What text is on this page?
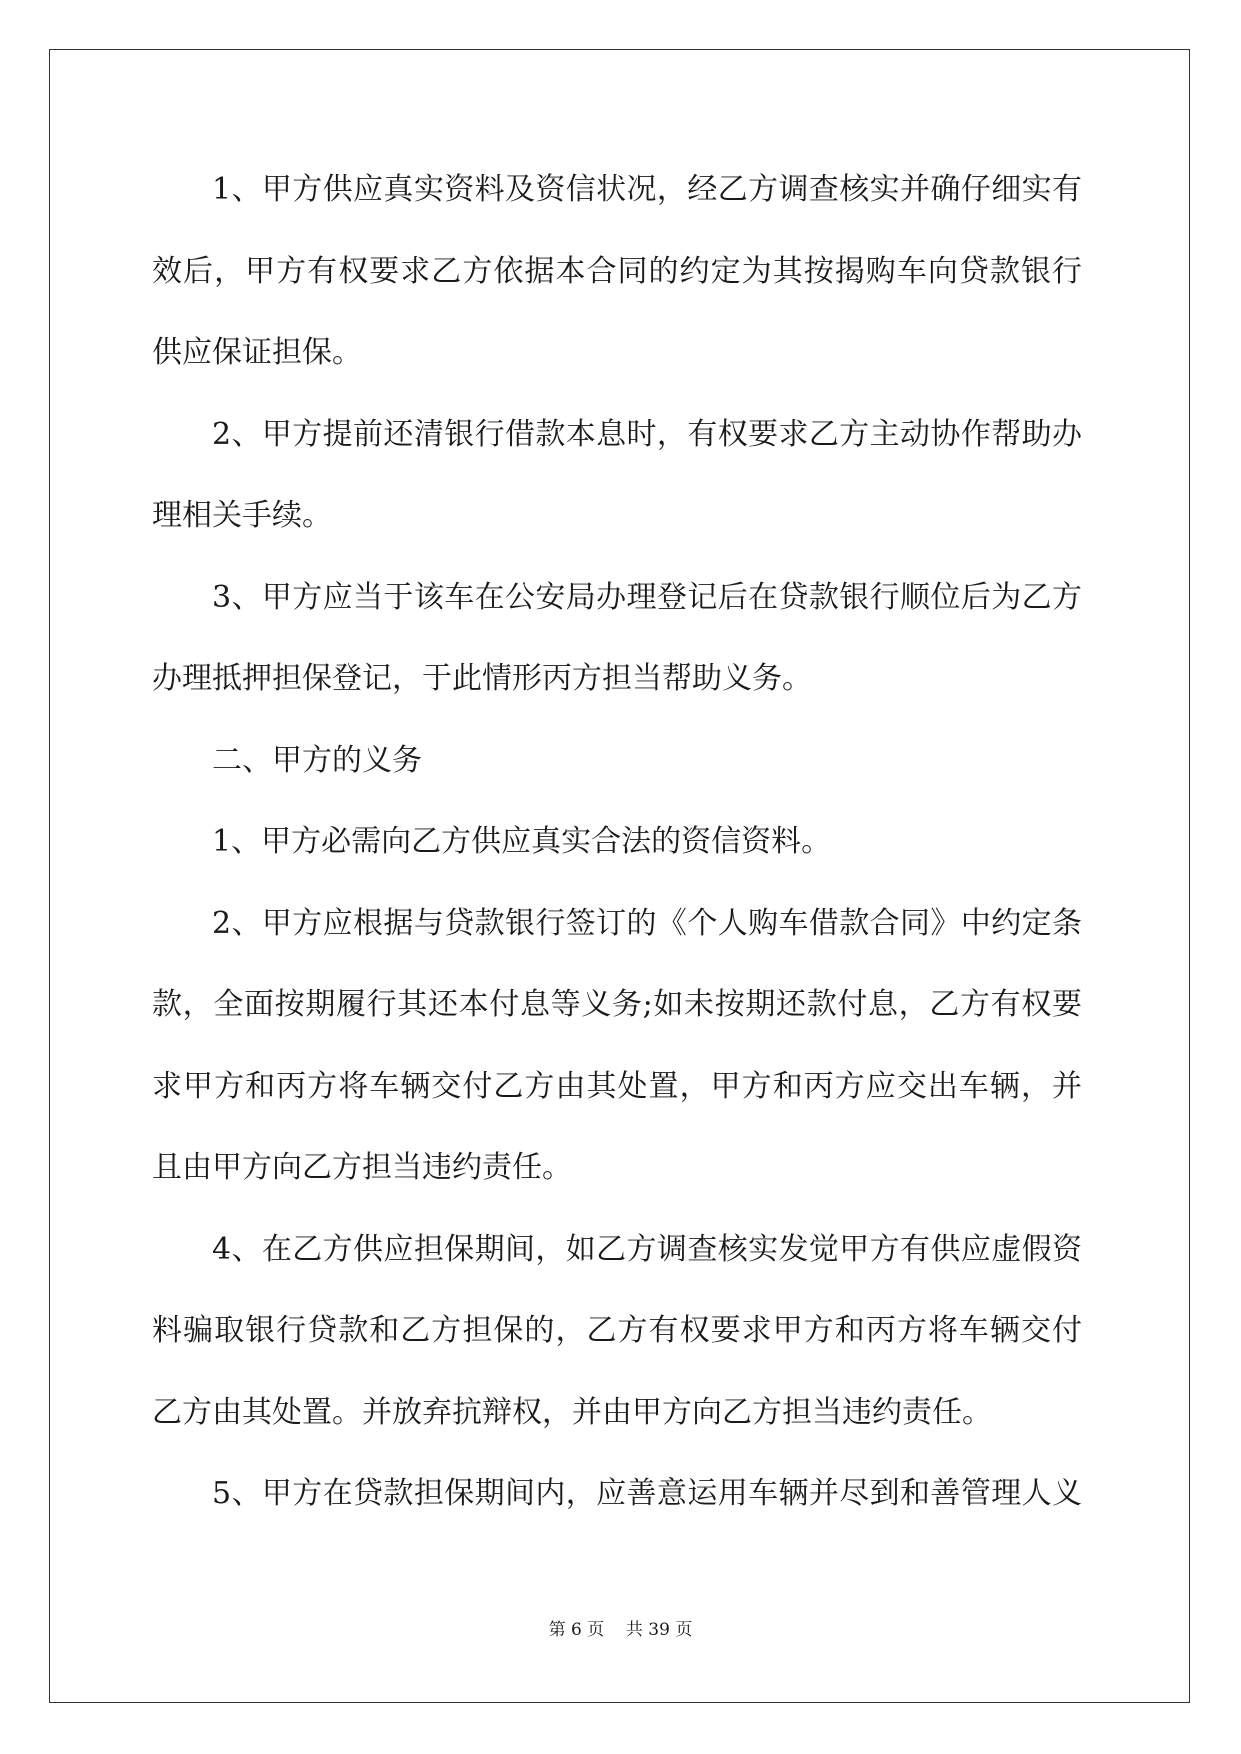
1、甲方供应真实资料及资信状况，经乙方调查核实并确仔细实有
效后，甲方有权要求乙方依据本合同的约定为其按揭购车向贷款银行
供应保证担保。
2、甲方提前还清银行借款本息时，有权要求乙方主动协作帮助办
理相关手续。
3、甲方应当于该车在公安局办理登记后在贷款银行顺位后为乙方
办理抵押担保登记，于此情形丙方担当帮助义务。
二、甲方的义务
1、甲方必需向乙方供应真实合法的资信资料。
2、甲方应根据与贷款银行签订的《个人购车借款合同》中约定条
款，全面按期履行其还本付息等义务;如未按期还款付息，乙方有权要
求甲方和丙方将车辆交付乙方由其处置，甲方和丙方应交出车辆，并
且由甲方向乙方担当违约责任。
4、在乙方供应担保期间，如乙方调查核实发觉甲方有供应虚假资
料骗取银行贷款和乙方担保的，乙方有权要求甲方和丙方将车辆交付
乙方由其处置。并放弃抗辩权，并由甲方向乙方担当违约责任。
5、甲方在贷款担保期间内，应善意运用车辆并尽到和善管理人义
第 6 页 共 39 页
